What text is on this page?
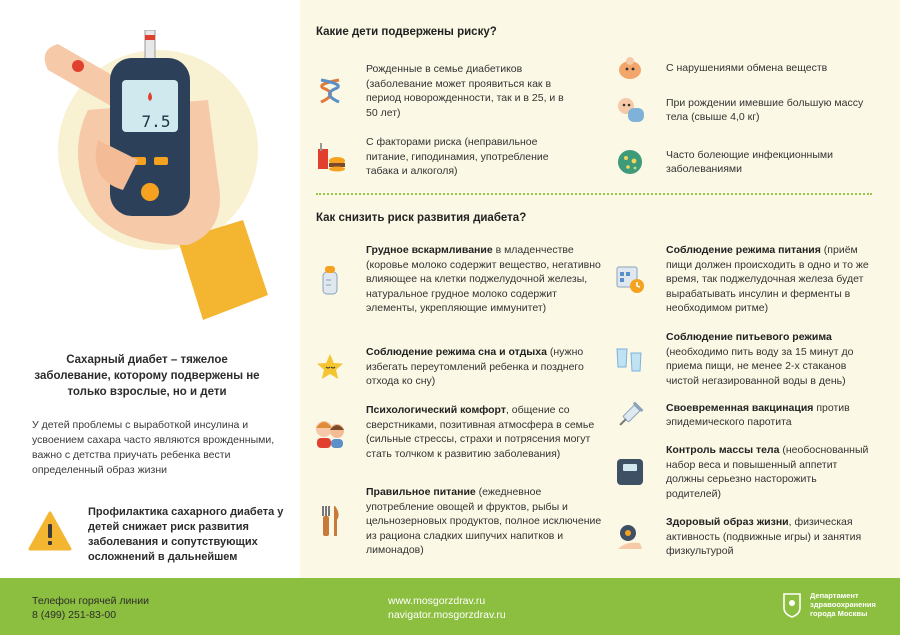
7.5
Сахарный диабет – тяжелое заболевание, которому подвержены не только взрослые, но и дети
У детей проблемы с выработкой инсулина и усвоением сахара часто являются врожденными, важно с детства приучать ребенка вести определенный образ жизни
Профилактика сахарного диабета у детей снижает риск развития заболевания и сопутствующих осложнений в дальнейшем
Какие дети подвержены риску?
Рожденные в семье диабетиков (заболевание может проявиться как в период новорожденности, так и в 25, и в 50 лет)
С факторами риска (неправильное питание, гиподинамия, употребление табака и алкоголя)
С нарушениями обмена веществ
При рождении имевшие большую массу тела (свыше 4,0 кг)
Часто болеющие инфекционными заболеваниями
Как снизить риск развития диабета?
Грудное вскармливание в младенчестве (коровье молоко содержит вещество, негативно влияющее на клетки поджелудочной железы, натуральное грудное молоко содержит элементы, укрепляющие иммунитет)
Соблюдение режима сна и отдыха (нужно избегать переутомлений ребенка и позднего отхода ко сну)
Психологический комфорт, общение со сверстниками, позитивная атмосфера в семье (сильные стрессы, страхи и потрясения могут стать толчком к развитию заболевания)
Правильное питание (ежедневное употребление овощей и фруктов, рыбы и цельнозерновых продуктов, полное исключение из рациона сладких шипучих напитков и лимонадов)
Соблюдение режима питания (приём пищи должен происходить в одно и то же время, так поджелудочная железа будет вырабатывать инсулин и ферменты в необходимом ритме)
Соблюдение питьевого режима (необходимо пить воду за 15 минут до приема пищи, не менее 2-х стаканов чистой негазированной воды в день)
Своевременная вакцинация против эпидемического паротита
Контроль массы тела (необоснованный набор веса и повышенный аппетит должны серьезно насторожить родителей)
Здоровый образ жизни, физическая активность (подвижные игры) и занятия физкультурой
Телефон горячей линии
8 (499) 251-83-00
www.mosgorzdrav.ru
navigator.mosgorzdrav.ru
Департамент
здравоохранения
города Москвы
